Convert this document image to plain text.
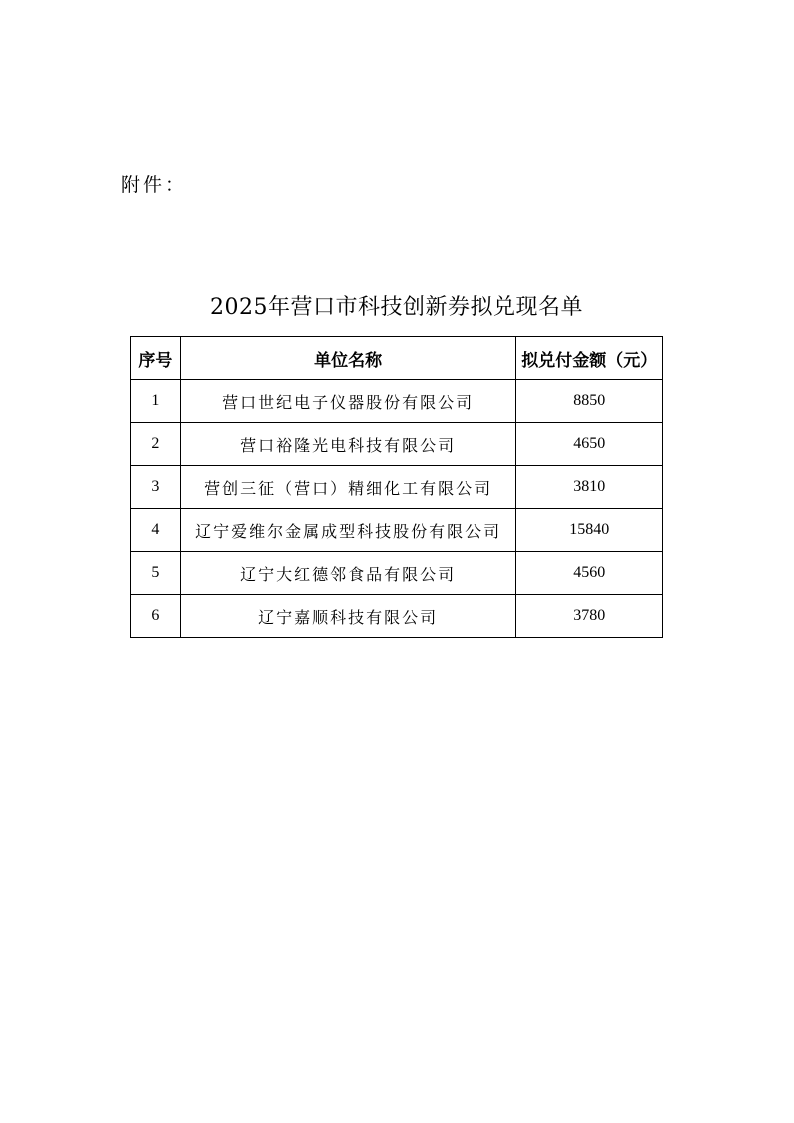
附件：
2025年营口市科技创新券拟兑现名单
序号	单位名称	拟兑付金额（元）
1	营口世纪电子仪器股份有限公司	8850
2	营口裕隆光电科技有限公司	4650
3	营创三征（营口）精细化工有限公司	3810
4	辽宁爱维尔金属成型科技股份有限公司	15840
5	辽宁大红德邻食品有限公司	4560
6	辽宁嘉顺科技有限公司	3780
